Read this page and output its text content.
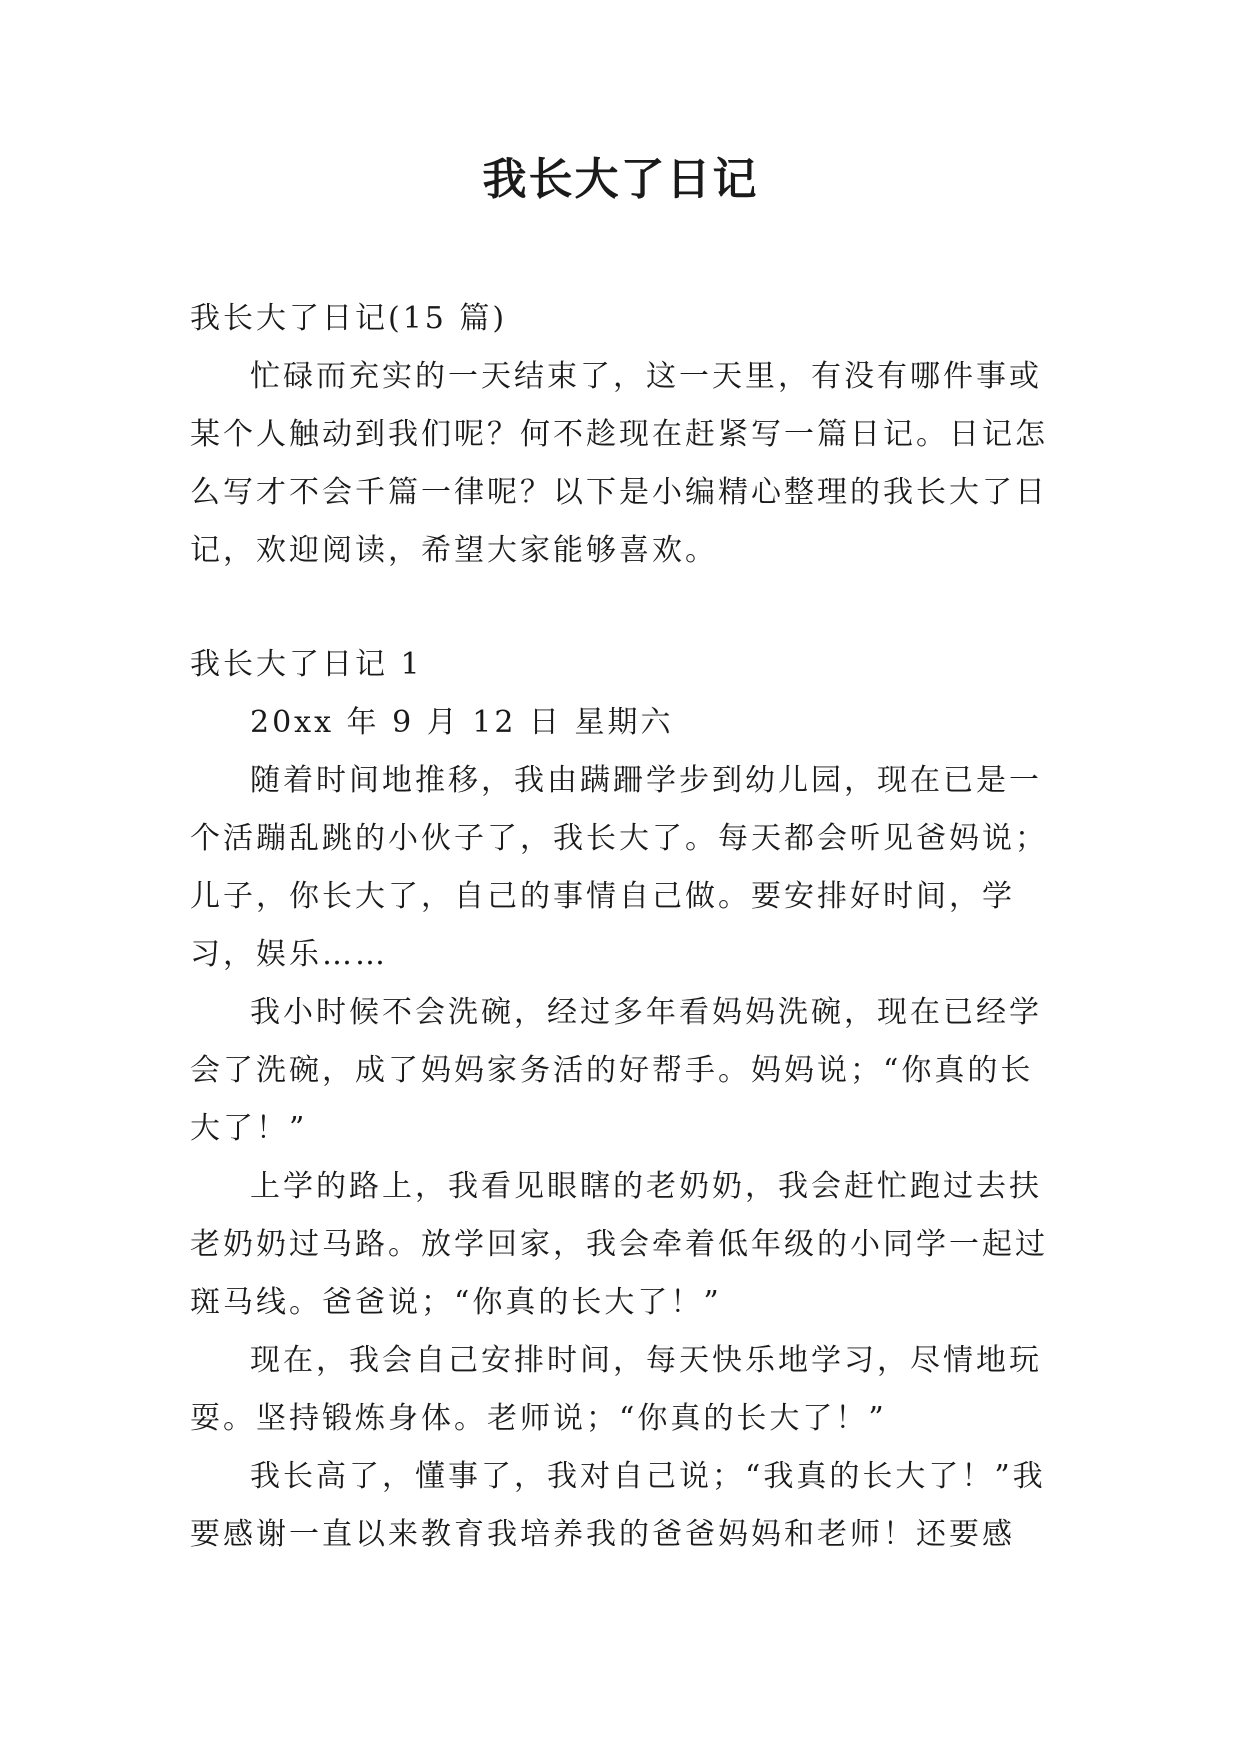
我长大了日记

我长大了日记(15 篇)

忙碌而充实的一天结束了，这一天里，有没有哪件事或某个人触动到我们呢？何不趁现在赶紧写一篇日记。日记怎么写才不会千篇一律呢？以下是小编精心整理的我长大了日记，欢迎阅读，希望大家能够喜欢。

我长大了日记 1

20xx 年 9 月 12 日 星期六

随着时间地推移，我由蹒跚学步到幼儿园，现在已是一个活蹦乱跳的小伙子了，我长大了。每天都会听见爸妈说；儿子，你长大了，自己的事情自己做。要安排好时间，学习，娱乐……

我小时候不会洗碗，经过多年看妈妈洗碗，现在已经学会了洗碗，成了妈妈家务活的好帮手。妈妈说；“你真的长大了！”

上学的路上，我看见眼瞎的老奶奶，我会赶忙跑过去扶老奶奶过马路。放学回家，我会牵着低年级的小同学一起过斑马线。爸爸说；“你真的长大了！”

现在，我会自己安排时间，每天快乐地学习，尽情地玩耍。坚持锻炼身体。老师说；“你真的长大了！”

我长高了，懂事了，我对自己说；“我真的长大了！”我要感谢一直以来教育我培养我的爸爸妈妈和老师！还要感
